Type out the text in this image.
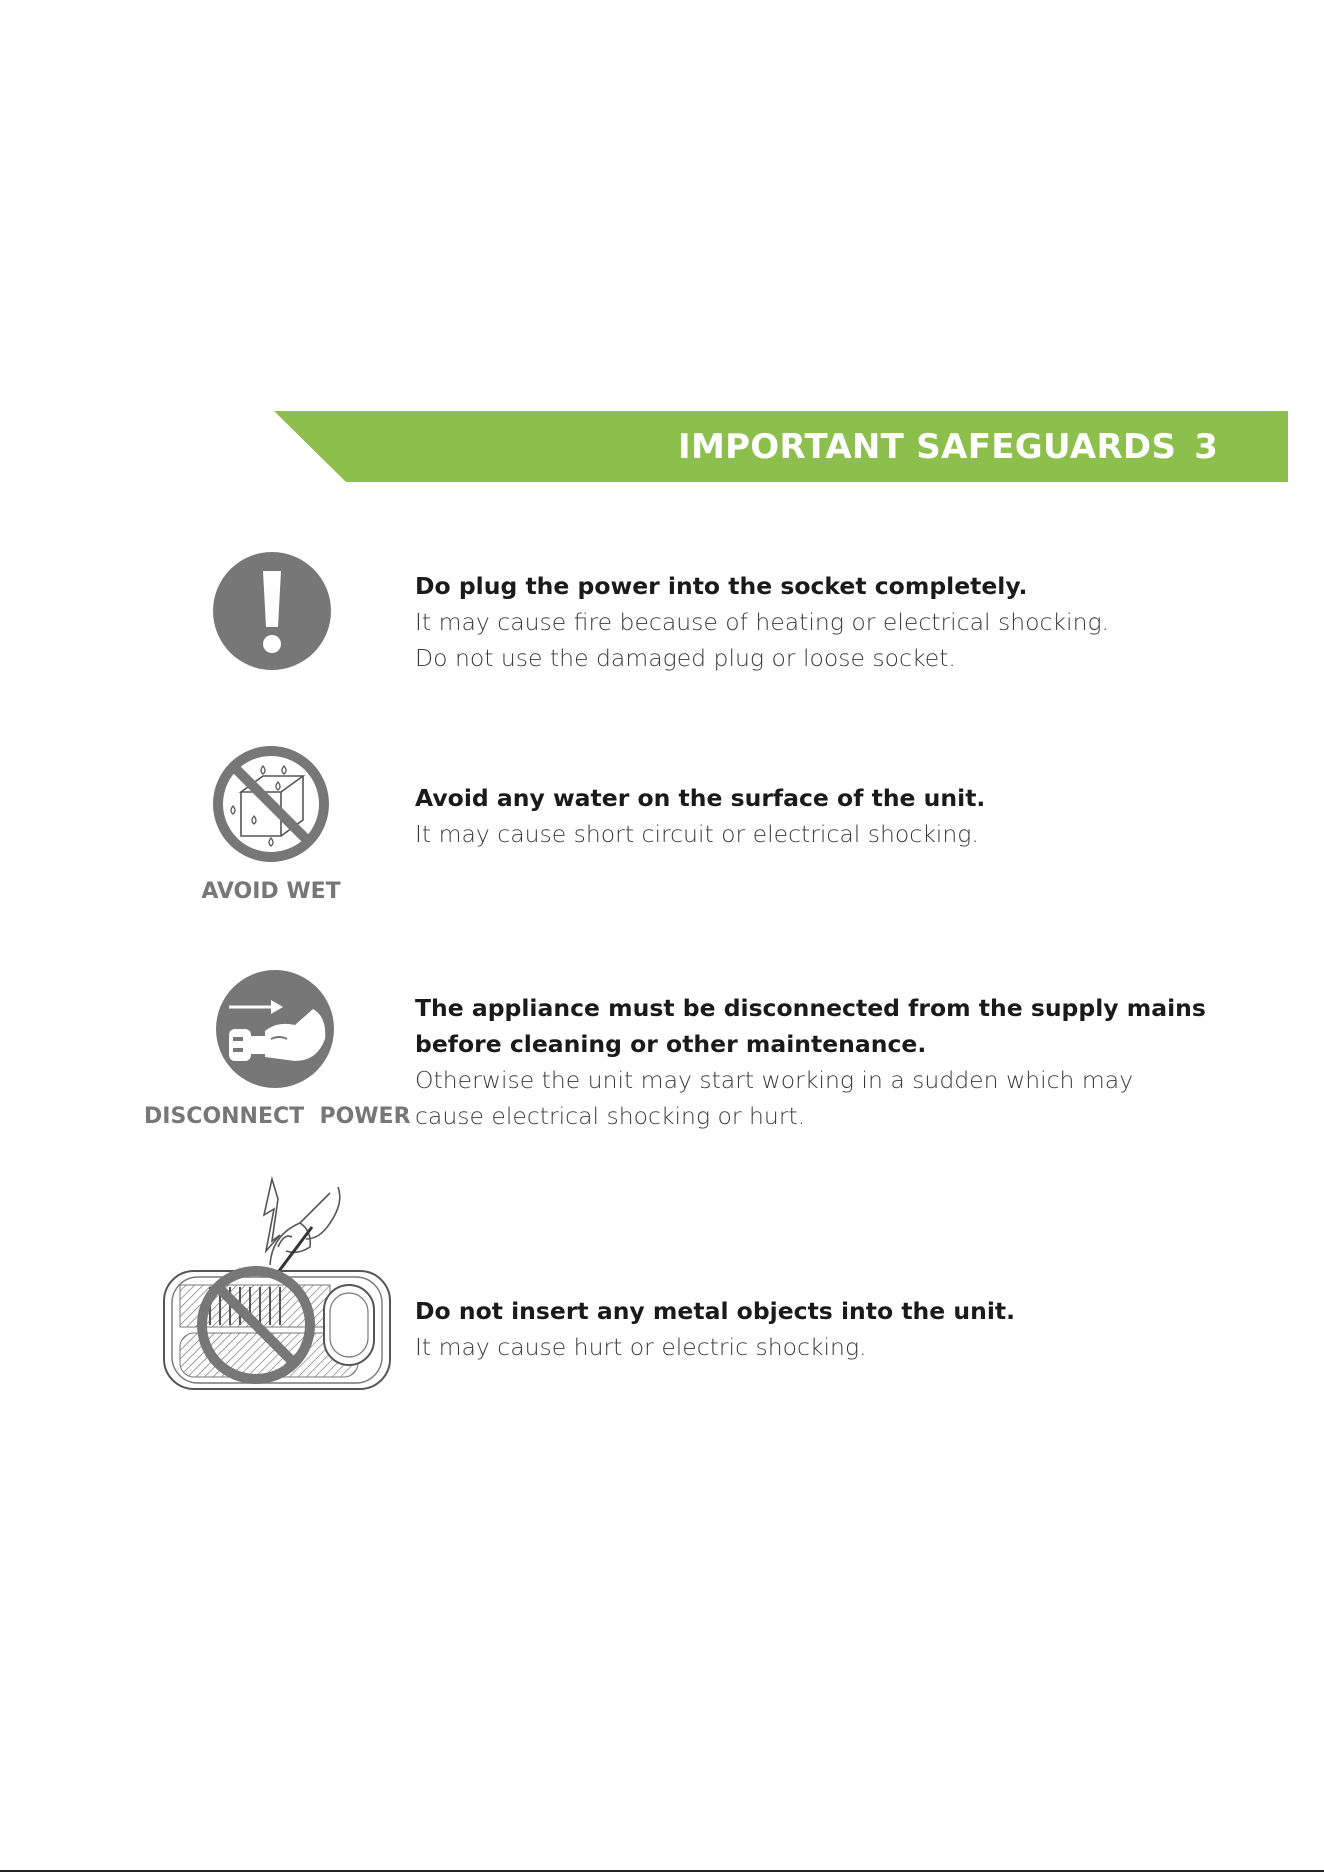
IMPORTANT SAFEGUARDS 3
Do plug the power into the socket completely.
It may cause fire because of heating or electrical shocking.
Do not use the damaged plug or loose socket.
AVOID WET
Avoid any water on the surface of the unit.
It may cause short circuit or electrical shocking.
DISCONNECT  POWER
The appliance must be disconnected from the supply mains
before cleaning or other maintenance.
Otherwise the unit may start working in a sudden which may
cause electrical shocking or hurt.
Do not insert any metal objects into the unit.
It may cause hurt or electric shocking.
